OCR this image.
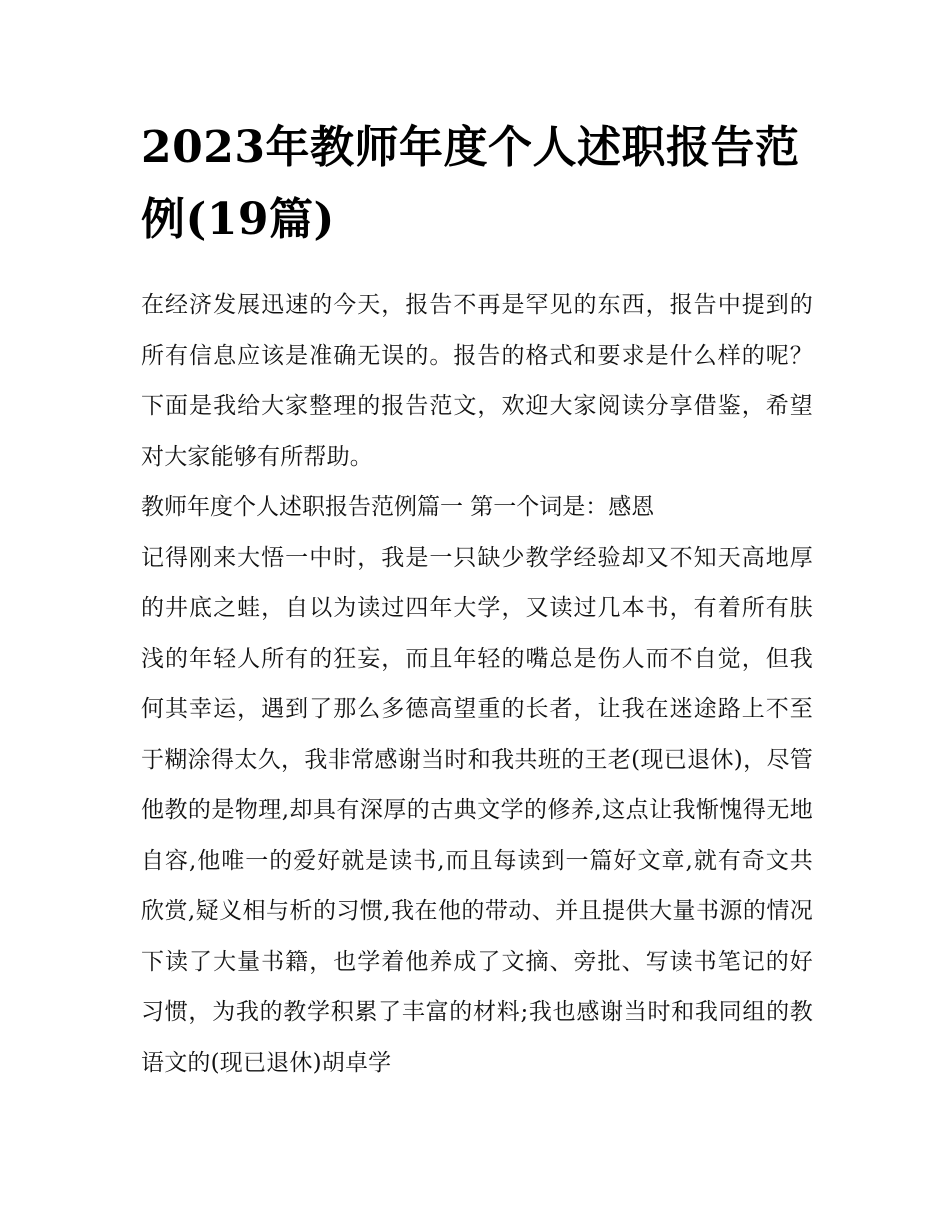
2023年教师年度个人述职报告范例(19篇)

在经济发展迅速的今天，报告不再是罕见的东西，报告中提到的所有信息应该是准确无误的。报告的格式和要求是什么样的呢？下面是我给大家整理的报告范文，欢迎大家阅读分享借鉴，希望对大家能够有所帮助。

教师年度个人述职报告范例篇一 第一个词是：感恩

记得刚来大悟一中时，我是一只缺少教学经验却又不知天高地厚的井底之蛙，自以为读过四年大学，又读过几本书，有着所有肤浅的年轻人所有的狂妄，而且年轻的嘴总是伤人而不自觉，但我何其幸运，遇到了那么多德高望重的长者，让我在迷途路上不至于糊涂得太久，我非常感谢当时和我共班的王老(现已退休)，尽管他教的是物理,却具有深厚的古典文学的修养,这点让我惭愧得无地自容,他唯一的爱好就是读书,而且每读到一篇好文章,就有奇文共欣赏,疑义相与析的习惯,我在他的带动、并且提供大量书源的情况下读了大量书籍，也学着他养成了文摘、旁批、写读书笔记的好习惯，为我的教学积累了丰富的材料;我也感谢当时和我同组的教语文的(现已退休)胡卓学
